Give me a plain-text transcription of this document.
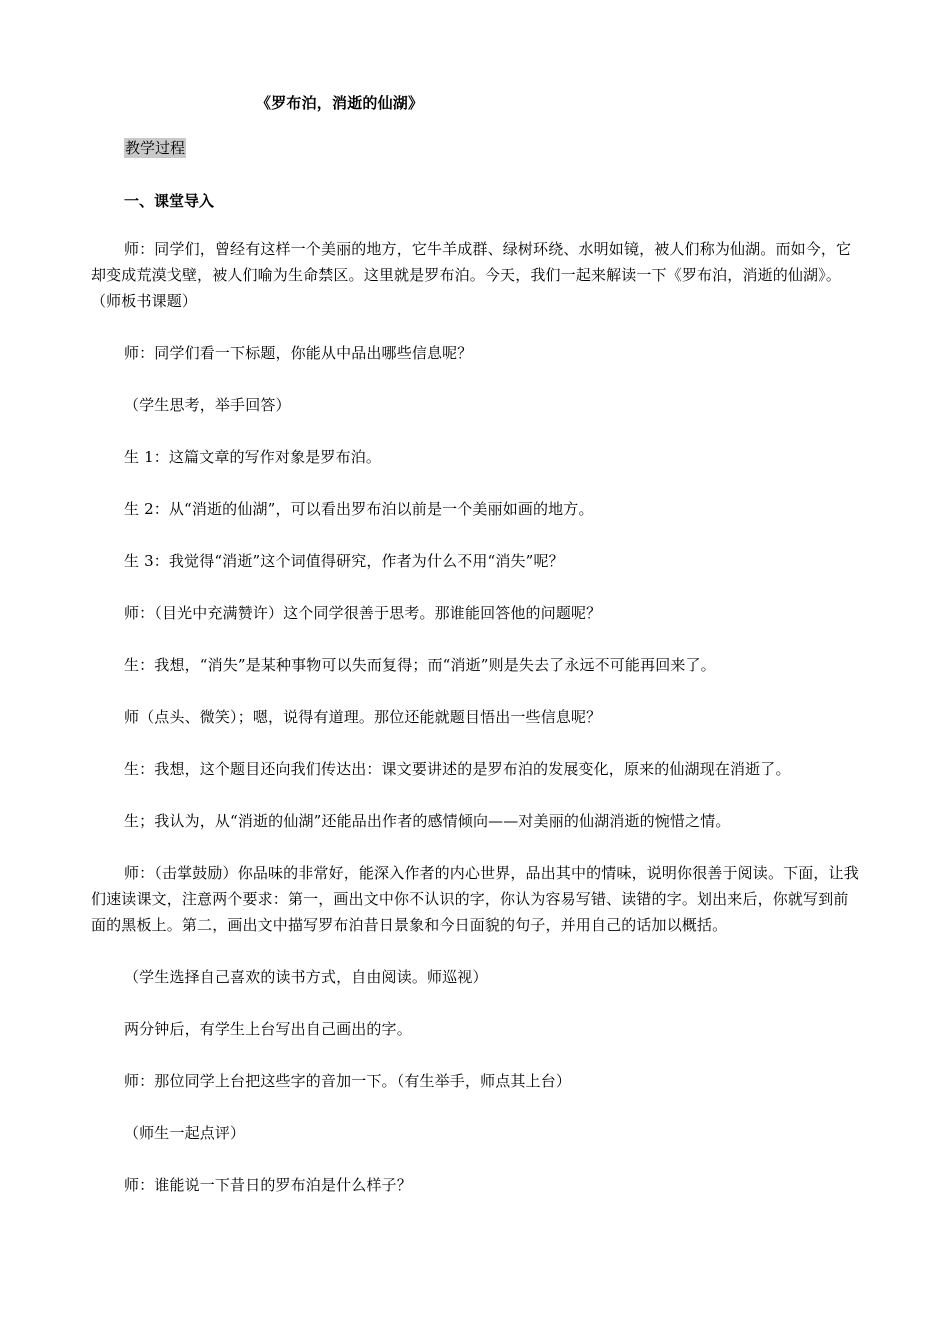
《罗布泊，消逝的仙湖》
教学过程
一、课堂导入

师：同学们，曾经有这样一个美丽的地方，它牛羊成群、绿树环绕、水明如镜，被人们称为仙湖。而如今，它却变成荒漠戈壁，被人们喻为生命禁区。这里就是罗布泊。今天，我们一起来解读一下《罗布泊，消逝的仙湖》。（师板书课题）

师：同学们看一下标题，你能从中品出哪些信息呢？

（学生思考，举手回答）

生 1：这篇文章的写作对象是罗布泊。

生 2：从“消逝的仙湖”，可以看出罗布泊以前是一个美丽如画的地方。

生 3：我觉得“消逝”这个词值得研究，作者为什么不用“消失”呢？

师：（目光中充满赞许）这个同学很善于思考。那谁能回答他的问题呢？

生：我想，“消失”是某种事物可以失而复得；而“消逝”则是失去了永远不可能再回来了。

师（点头、微笑）；嗯，说得有道理。那位还能就题目悟出一些信息呢？

生：我想，这个题目还向我们传达出：课文要讲述的是罗布泊的发展变化，原来的仙湖现在消逝了。

生；我认为，从“消逝的仙湖”还能品出作者的感情倾向——对美丽的仙湖消逝的惋惜之情。

师：（击掌鼓励）你品味的非常好，能深入作者的内心世界，品出其中的情味，说明你很善于阅读。下面，让我们速读课文，注意两个要求：第一，画出文中你不认识的字，你认为容易写错、读错的字。划出来后，你就写到前面的黑板上。第二，画出文中描写罗布泊昔日景象和今日面貌的句子，并用自己的话加以概括。

（学生选择自己喜欢的读书方式，自由阅读。师巡视）

两分钟后，有学生上台写出自己画出的字。

师：那位同学上台把这些字的音加一下。（有生举手，师点其上台）

（师生一起点评）

师：谁能说一下昔日的罗布泊是什么样子？
